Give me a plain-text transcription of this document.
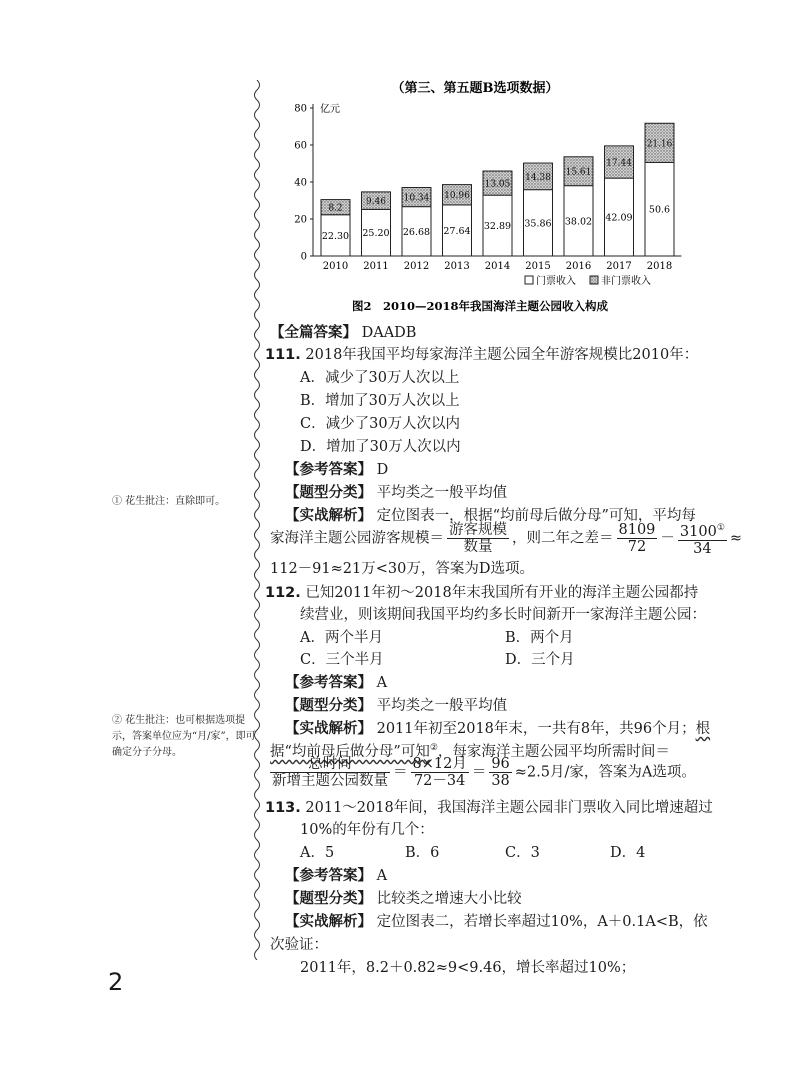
（第三、第五题B选项数据）
亿元
0
20
40
60
80
22.30
8.2
2010
25.20
9.46
2011
26.68
10.34
2012
27.64
10.96
2013
32.89
13.05
2014
35.86
14.38
2015
38.02
15.61
2016
42.09
17.44
2017
50.6
21.16
2018
门票收入	非门票收入
图2　2010—2018年我国海洋主题公园收入构成
【全篇答案】 DAADB
111. 2018年我国平均每家海洋主题公园全年游客规模比2010年：
A．减少了30万人次以上
B．增加了30万人次以上
C．减少了30万人次以内
D．增加了30万人次以内
【参考答案】 D
【题型分类】 平均类之一般平均值
【实战解析】 定位图表一，根据“均前母后做分母”可知，平均每
家海洋主题公园游客规模＝ $\frac{\text{游客规模}}{\text{数量}}$ ，则二年之差＝ $\frac{8109}{72} - \frac{3100^①}{34}$ ≈
112－91≈21万<30万，答案为D选项。
112. 已知2011年初～2018年末我国所有开业的海洋主题公园都持
续营业，则该期间我国平均约多长时间新开一家海洋主题公园：
A．两个半月	B．两个月
C．三个半月	D．三个月
【参考答案】 A
【题型分类】 平均类之一般平均值
【实战解析】 2011年初至2018年末，一共有8年，共96个月；根
据“均前母后做分母”可知②，每家海洋主题公园平均所需时间＝
$\frac{\text{总时间}}{\text{新增主题公园数量}} = \frac{\text{8×12月}}{72-34} = \frac{96}{38} \approx 2.5$月/家，答案为A选项。
113. 2011～2018年间，我国海洋主题公园非门票收入同比增速超过
10%的年份有几个：
A．5	B．6	C．3	D．4
【参考答案】 A
【题型分类】 比较类之增速大小比较
【实战解析】 定位图表二，若增长率超过10%，A＋0.1A<B，依
次验证：
2011年，8.2＋0.82≈9<9.46，增长率超过10%；
① 花生批注：直除即可。
② 花生批注：也可根据选项提示，答案单位应为“月/家”，即可确定分子分母。
2
